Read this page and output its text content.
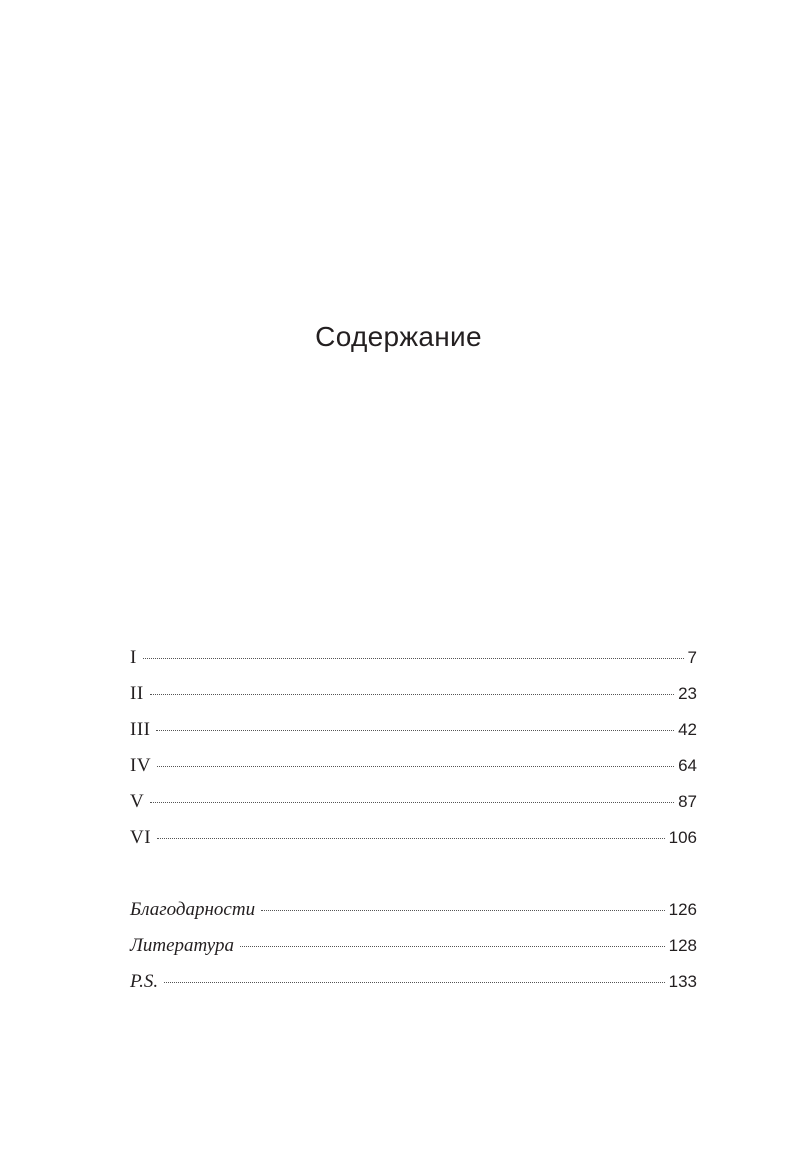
Содержание
I	7
II	23
III	42
IV	64
V	87
VI	106
Благодарности	126
Литература	128
P.S.	133
